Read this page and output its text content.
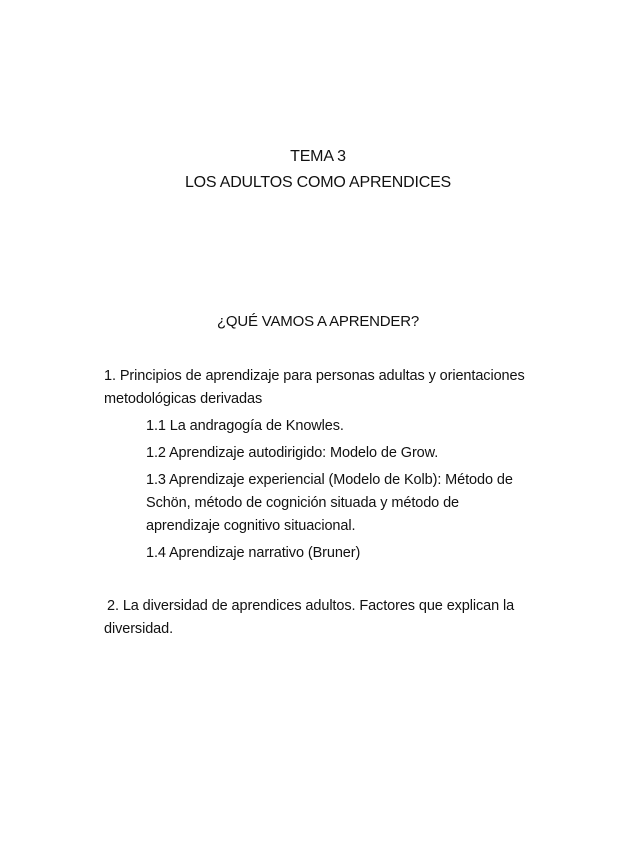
TEMA 3
LOS ADULTOS COMO APRENDICES
¿QUÉ VAMOS A APRENDER?

1. Principios de aprendizaje para personas adultas y orientaciones metodológicas derivadas

1.1 La andragogía de Knowles.
1.2 Aprendizaje autodirigido: Modelo de Grow.
1.3 Aprendizaje experiencial (Modelo de Kolb): Método de Schön, método de cognición situada y método de aprendizaje cognitivo situacional.
1.4 Aprendizaje narrativo (Bruner)

2. La diversidad de aprendices adultos. Factores que explican la diversidad.
